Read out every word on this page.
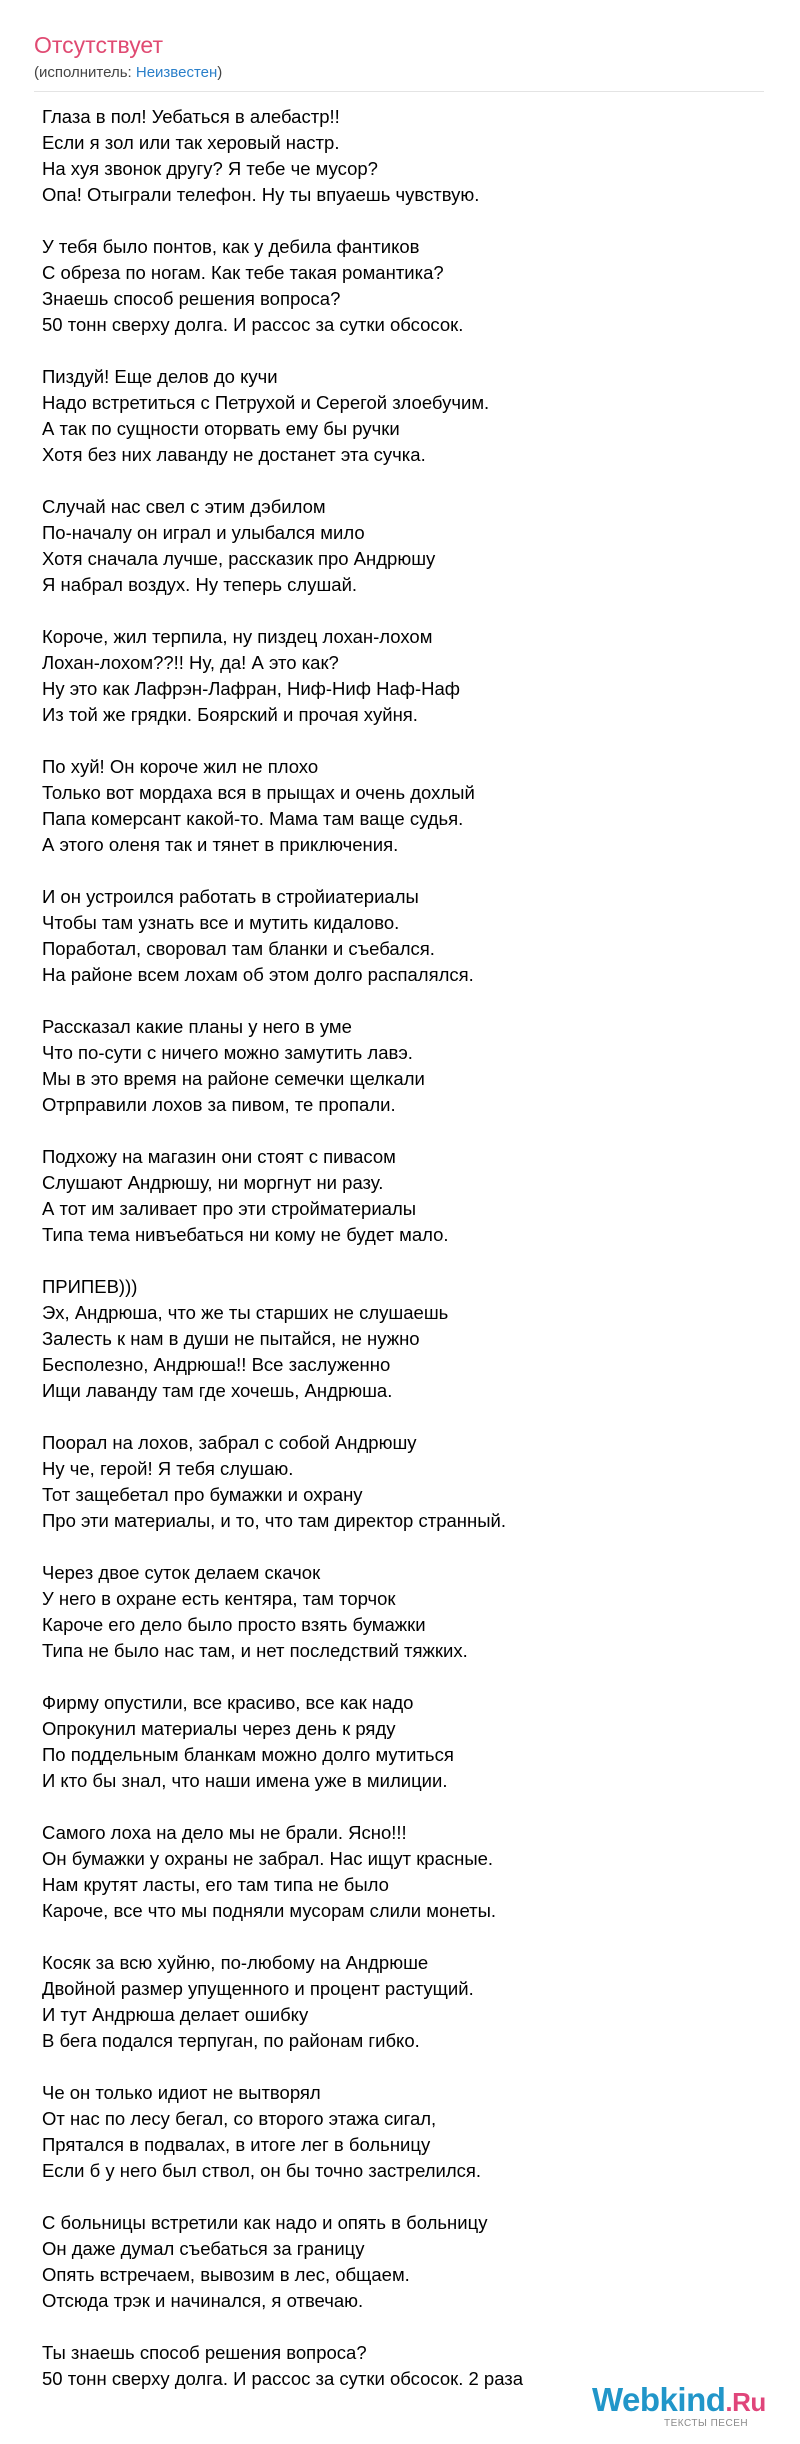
Отсутствует
(исполнитель: Неизвестен)
Глаза в пол! Уебаться в алебастр!!
Если я зол или так херовый настр.
На хуя звонок другу? Я тебе че мусор?
Опа! Отыграли телефон. Ну ты впуаешь чувствую.
У тебя было понтов, как у дебила фантиков
С обреза по ногам. Как тебе такая романтика?
Знаешь способ решения вопроса?
50 тонн сверху долга. И рассос за сутки обсосок.
Пиздуй! Еще делов до кучи
Надо встретиться с Петрухой и Серегой злоебучим.
А так по сущности оторвать ему бы ручки
Хотя без них лаванду не достанет эта сучка.
Случай нас свел с этим дэбилом
По-началу он играл и улыбался мило
Хотя сначала лучше, рассказик про Андрюшу
Я набрал воздух. Ну теперь слушай.
Короче, жил терпила, ну пиздец лохан-лохом
Лохан-лохом??!! Ну, да! А это как?
Ну это как Лафрэн-Лафран, Ниф-Ниф Наф-Наф
Из той же грядки. Боярский и прочая хуйня.
По хуй! Он короче жил не плохо
Только вот мордаха вся в прыщах и очень дохлый
Папа комерсант какой-то. Мама там ваще судья.
А этого оленя так и тянет в приключения.
И он устроился работать в стройиатериалы
Чтобы там узнать все и мутить кидалово.
Поработал, своровал там бланки и съебался.
На районе всем лохам об этом долго распалялся.
Рассказал какие планы у него в уме
Что по-сути с ничего можно замутить лавэ.
Мы в это время на районе семечки щелкали
Отрправили лохов за пивом, те пропали.
Подхожу на магазин они стоят с пивасом
Слушают Андрюшу, ни моргнут ни разу.
А тот им заливает про эти стройматериалы
Типа тема нивъебаться ни кому не будет мало.
ПРИПЕВ)))
Эх, Андрюша, что же ты старших не слушаешь
Залесть к нам в души не пытайся, не нужно
Бесполезно, Андрюша!! Все заслуженно
Ищи лаванду там где хочешь, Андрюша.
Поорал на лохов, забрал с собой Андрюшу
Ну че, герой! Я тебя слушаю.
Тот защебетал про бумажки и охрану
Про эти материалы, и то, что там директор странный.
Через двое суток делаем скачок
У него в охране есть кентяра, там торчок
Кароче его дело было просто взять бумажки
Типа не было нас там, и нет последствий тяжких.
Фирму опустили, все красиво, все как надо
Опрокунил материалы через день к ряду
По поддельным бланкам можно долго мутиться
И кто бы знал, что наши имена уже в милиции.
Самого лоха на дело мы не брали. Ясно!!!
Он бумажки у охраны не забрал. Нас ищут красные.
Нам крутят ласты, его там типа не было
Кароче, все что мы подняли мусорам слили монеты.
Косяк за всю хуйню, по-любому на Андрюше
Двойной размер упущенного и процент растущий.
И тут Андрюша делает ошибку
В бега подался терпуган, по районам гибко.
Че он только идиот не вытворял
От нас по лесу бегал, со второго этажа сигал,
Прятался в подвалах, в итоге лег в больницу
Если б у него был ствол, он бы точно застрелился.
С больницы встретили как надо и опять в больницу
Он даже думал съебаться за границу
Опять встречаем, вывозим в лес, общаем.
Отсюда трэк и начинался, я отвечаю.
Ты знаешь способ решения вопроса?
50 тонн сверху долга. И рассос за сутки обсосок. 2 раза
Webkind.Ru
ТЕКСТЫ ПЕСЕН
